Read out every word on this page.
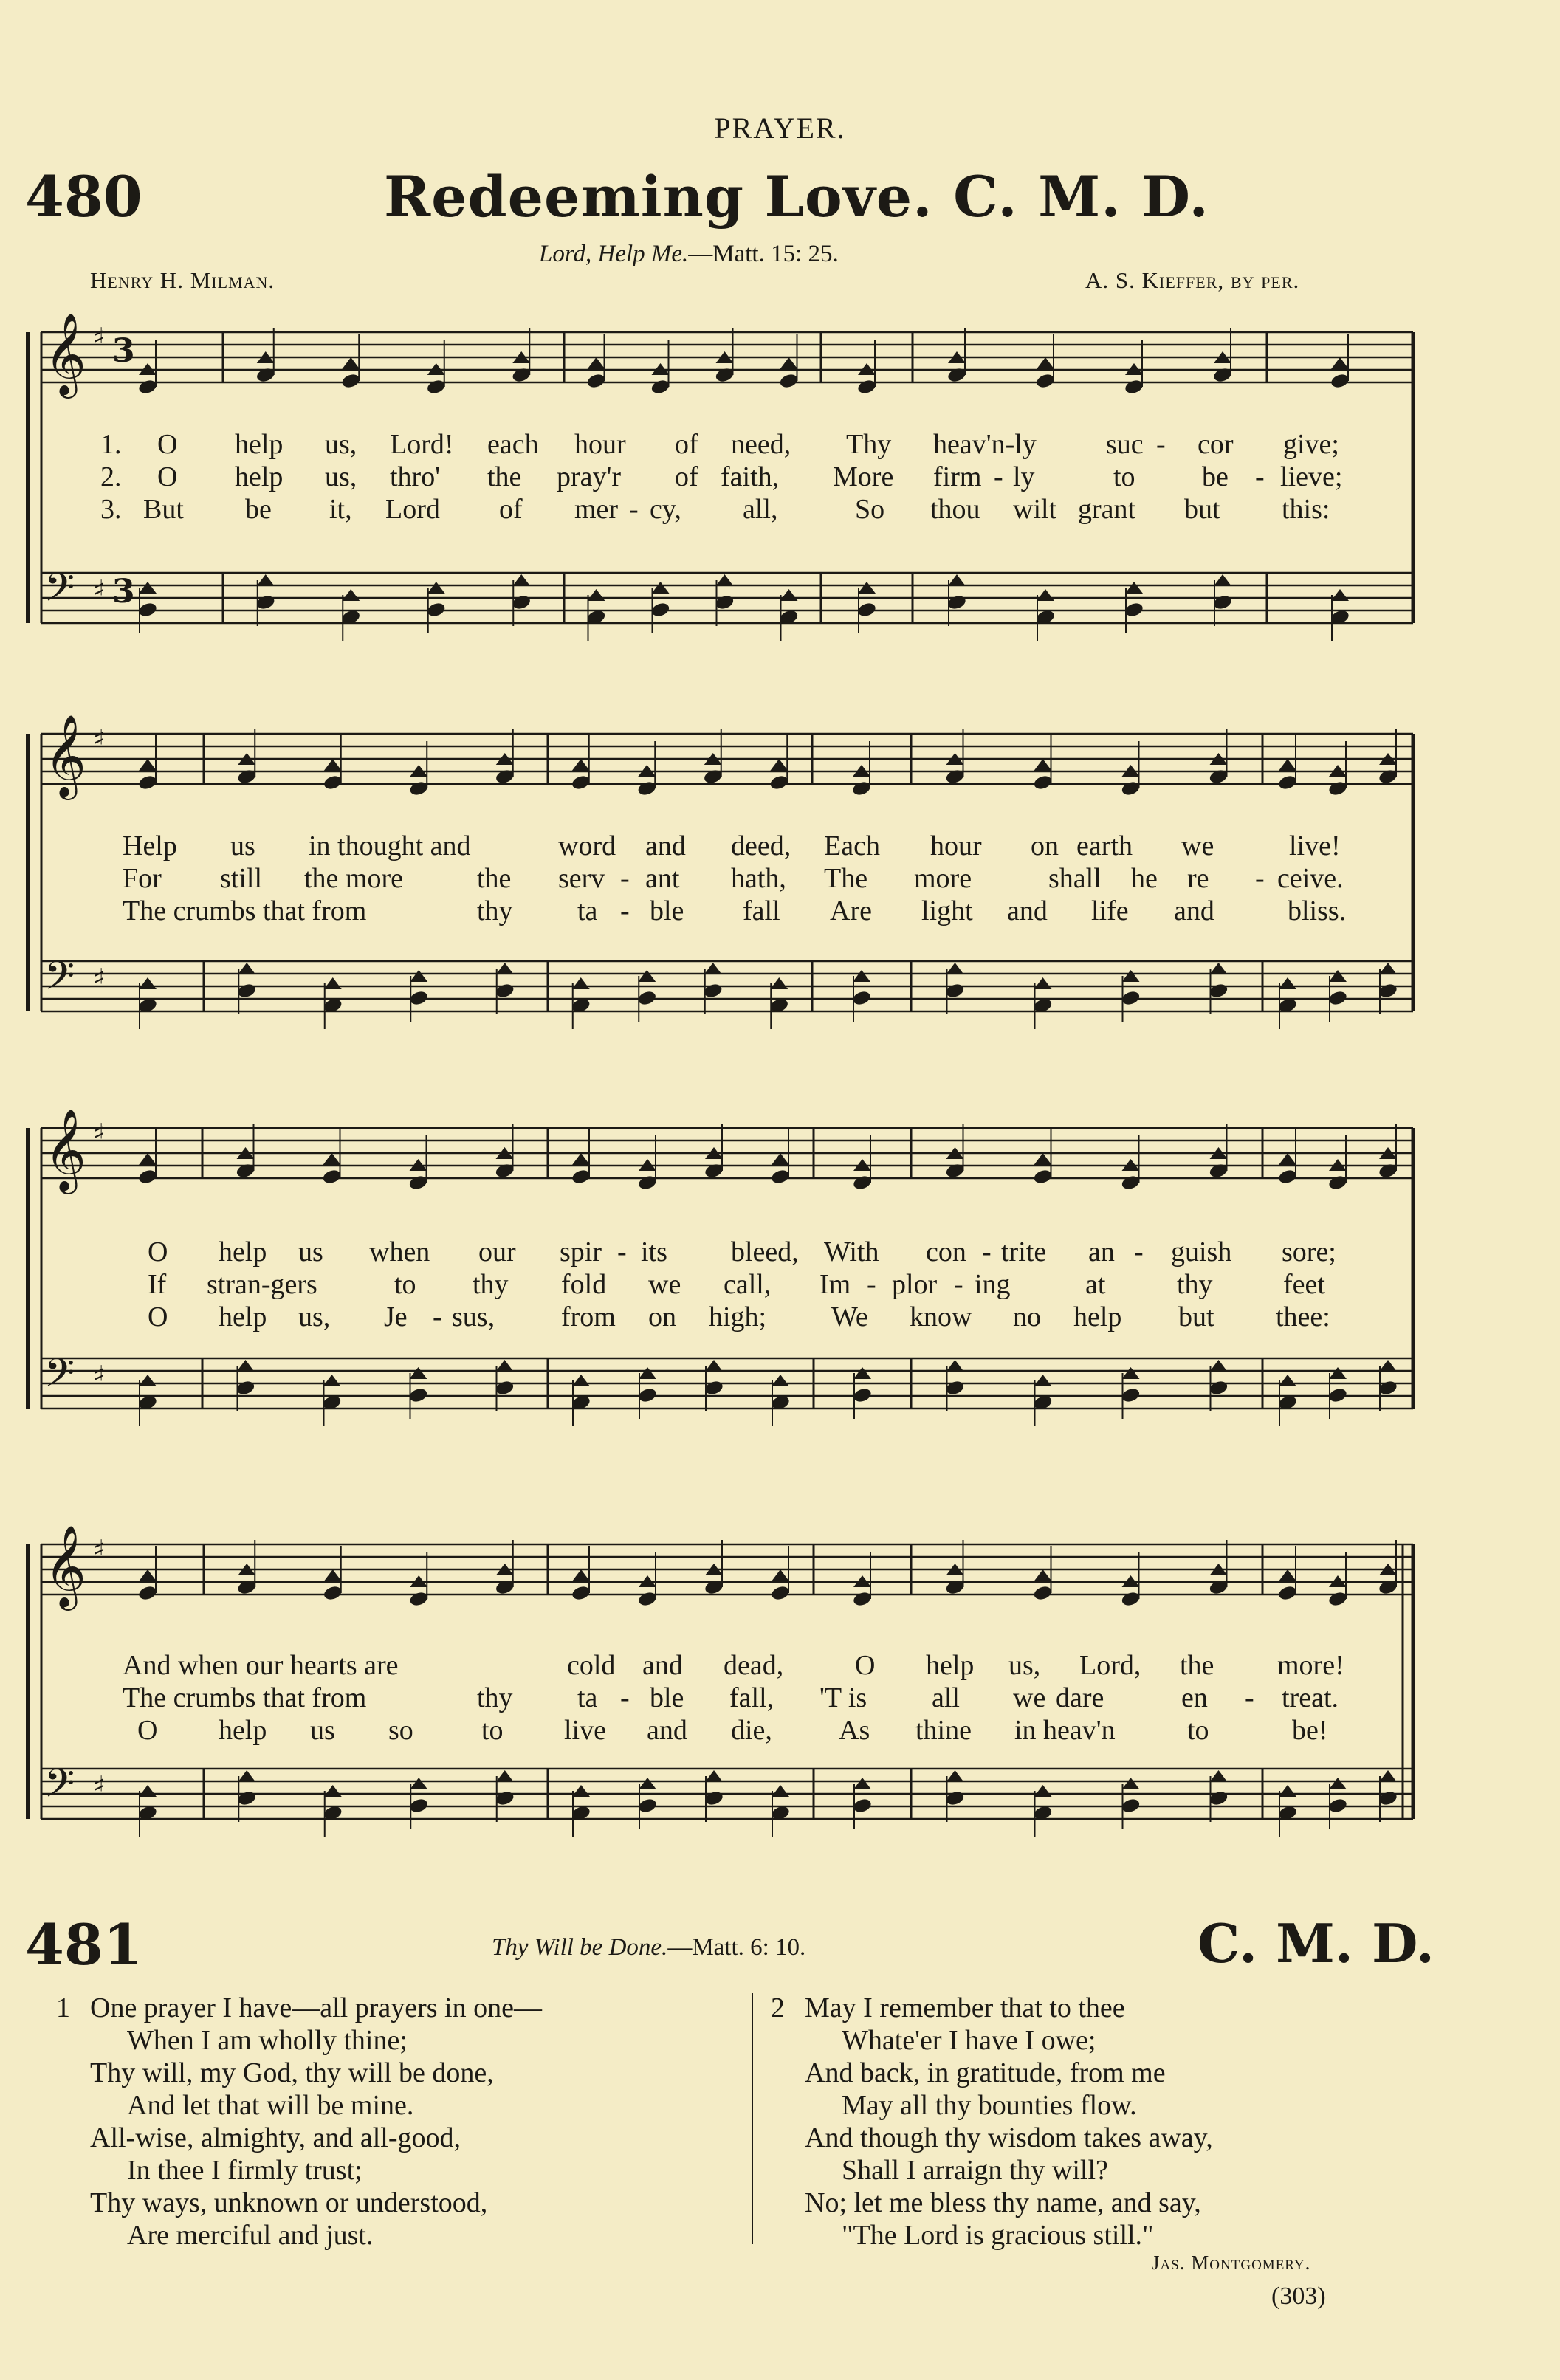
PRAYER.
480	Redeeming Love. C. M. D.
Lord, Help Me.—Matt. 15: 25.
Henry H. Milman.	A. S. Kieffer, by per.
𝄞 ♯ 3
𝄢 ♯ 3
𝄞 ♯
𝄢 ♯
𝄞 ♯
𝄢 ♯
𝄞 ♯
𝄢 ♯
1. O help us, Lord! each hour of need, Thy heav'n-ly suc - cor give;
2. O help us, thro' the pray'r of faith, More firm - ly	to be - lieve;
3. But be it, Lord of mer - cy, all,	So thou wilt grant but this:
Help us in thought and	word and deed, Each hour on earth we	live!
For still the more	the serv - ant hath, The more	shall he re - ceive.
The crumbs that from	thy ta - ble fall Are light and life and	bliss.
O help us when our spir - its bleed, With con - trite an - guish sore;
If stran-gers	to thy fold we call, Im - plor - ing	at	thy	feet
O help us, Je - sus, from on high; We know no help but thee:
And when our hearts are	cold and dead,	O help us, Lord, the more!
The crumbs that from	thy ta - ble fall, 'T is all we dare	en - treat.
O help us so to live and die, As thine in heav'n	to	be!
481	Thy Will be Done.—Matt. 6: 10.	C. M. D.
1 One prayer I have—all prayers in one—
When I am wholly thine;
Thy will, my God, thy will be done,
And let that will be mine.
All-wise, almighty, and all-good,
In thee I firmly trust;
Thy ways, unknown or understood,
Are merciful and just.
2 May I remember that to thee
Whate'er I have I owe;
And back, in gratitude, from me
May all thy bounties flow.
And though thy wisdom takes away,
Shall I arraign thy will?
No; let me bless thy name, and say,
"The Lord is gracious still."
Jas. Montgomery.
(303)
